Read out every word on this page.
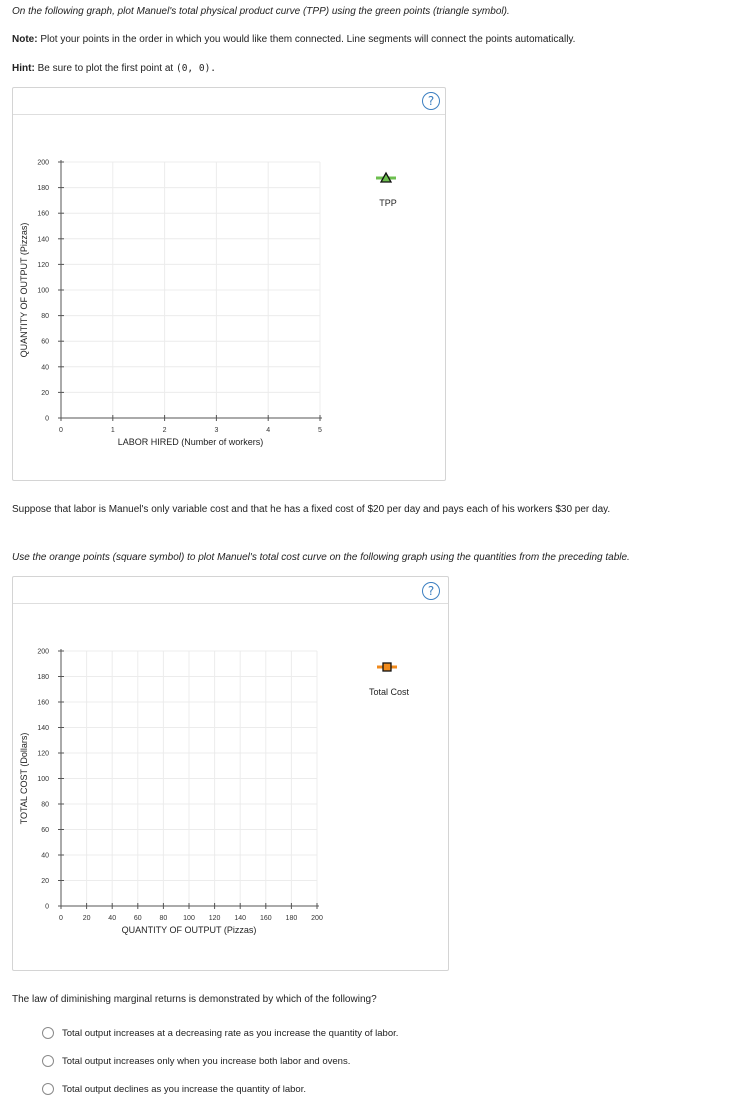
On the following graph, plot Manuel's total physical product curve (TPP) using the green points (triangle symbol).
Note: Plot your points in the order in which you would like them connected. Line segments will connect the points automatically.
Hint: Be sure to plot the first point at (0, 0).
?
0
20
40
60
80
100
120
140
160
180
200
0	1	2	3	4	5
LABOR HIRED (Number of workers)
QUANTITY OF OUTPUT (Pizzas)
TPP
Suppose that labor is Manuel's only variable cost and that he has a fixed cost of $20 per day and pays each of his workers $30 per day.
Use the orange points (square symbol) to plot Manuel's total cost curve on the following graph using the quantities from the preceding table.
?
0
20
40
60
80
100
120
140
160
180
200
0	20	40	60	80 100 120 140 160 180 200
QUANTITY OF OUTPUT (Pizzas)
TOTAL COST (Dollars)
Total Cost
The law of diminishing marginal returns is demonstrated by which of the following?
Total output increases at a decreasing rate as you increase the quantity of labor.
Total output increases only when you increase both labor and ovens.
Total output declines as you increase the quantity of labor.
